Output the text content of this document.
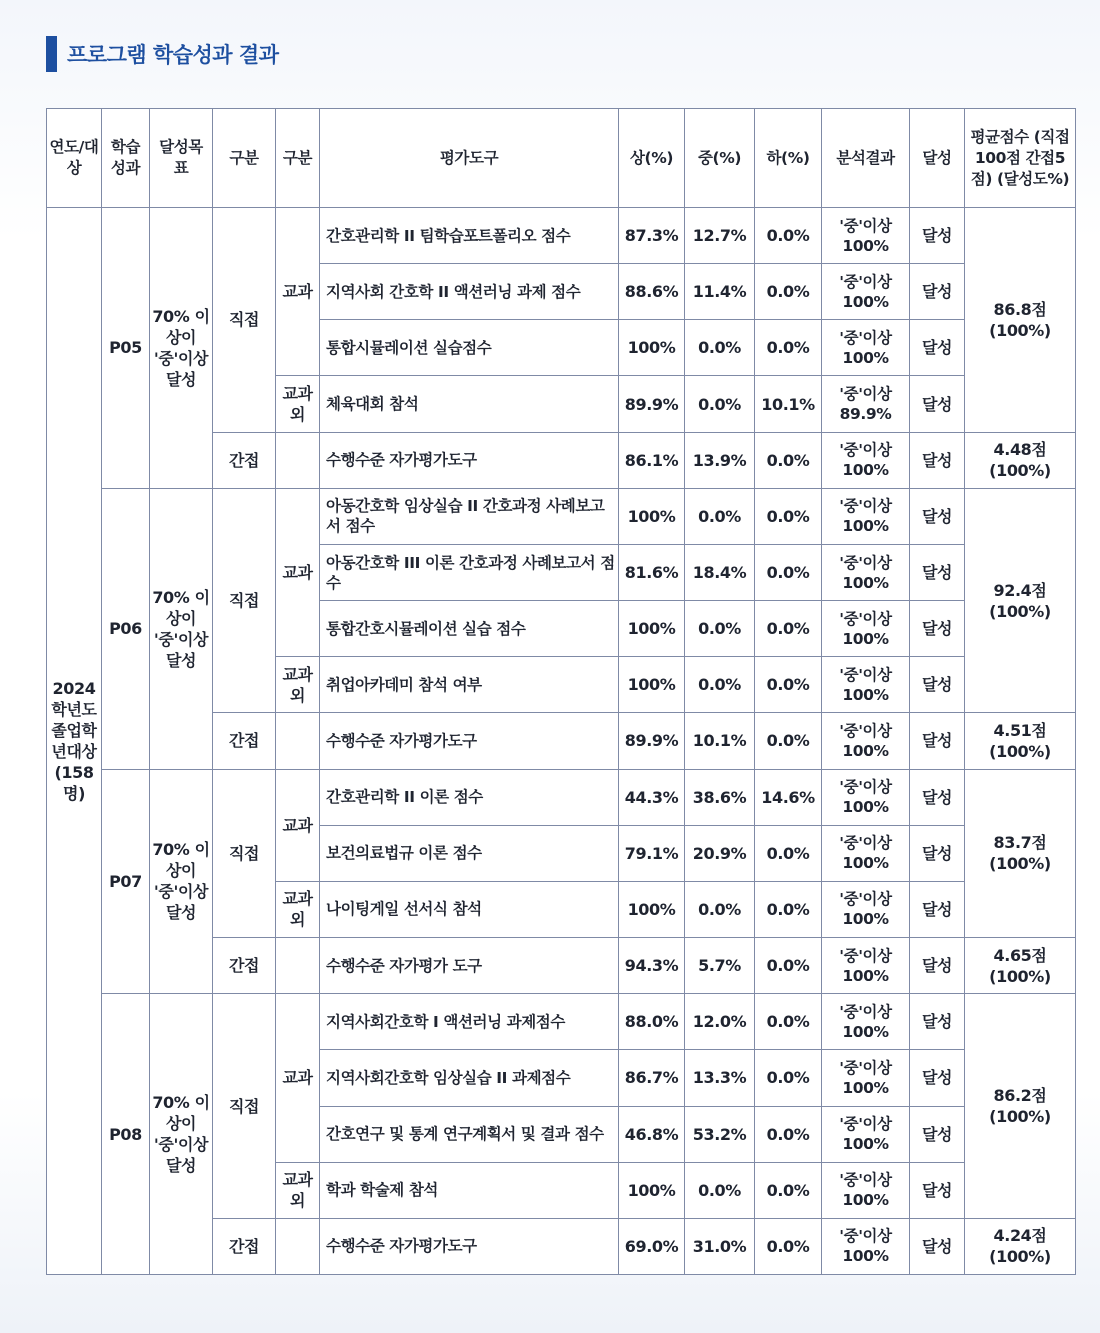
프로그램 학습성과 결과
연도/대상	학습성과	달성목표	구분	구분	평가도구	상(%)	중(%)	하(%)	분석결과	달성	평균점수 (직접 100점 간접5점) (달성도%)
2024 학년도 졸업학 년대상 (158 명)	P05	70% 이상이 '중'이상 달성	직접	교과	간호관리학 II 팀학습포트폴리오 점수	87.3%	12.7%	0.0%	'중'이상 100%	달성	86.8점 (100%)
					지역사회 간호학 II 액션러닝 과제 점수	88.6%	11.4%	0.0%	'중'이상 100%	달성	
					통합시뮬레이션 실습점수	100%	0.0%	0.0%	'중'이상 100%	달성	
				교과외	체육대회 참석	89.9%	0.0%	10.1%	'중'이상 89.9%	달성	
			간접		수행수준 자가평가도구	86.1%	13.9%	0.0%	'중'이상 100%	달성	4.48점 (100%)
	P06	70% 이상이 '중'이상 달성	직접	교과	아동간호학 임상실습 II 간호과정 사례보고서 점수	100%	0.0%	0.0%	'중'이상 100%	달성	92.4점 (100%)
					아동간호학 III 이론 간호과정 사례보고서 점수	81.6%	18.4%	0.0%	'중'이상 100%	달성	
					통합간호시뮬레이션 실습 점수	100%	0.0%	0.0%	'중'이상 100%	달성	
				교과외	취업아카데미 참석 여부	100%	0.0%	0.0%	'중'이상 100%	달성	
			간접		수행수준 자가평가도구	89.9%	10.1%	0.0%	'중'이상 100%	달성	4.51점 (100%)
	P07	70% 이상이 '중'이상 달성	직접	교과	간호관리학 II 이론 점수	44.3%	38.6%	14.6%	'중'이상 100%	달성	83.7점 (100%)
					보건의료법규 이론 점수	79.1%	20.9%	0.0%	'중'이상 100%	달성	
				교과외	나이팅게일 선서식 참석	100%	0.0%	0.0%	'중'이상 100%	달성	
			간접		수행수준 자가평가 도구	94.3%	5.7%	0.0%	'중'이상 100%	달성	4.65점 (100%)
	P08	70% 이상이 '중'이상 달성	직접	교과	지역사회간호학 I 액션러닝 과제점수	88.0%	12.0%	0.0%	'중'이상 100%	달성	86.2점 (100%)
					지역사회간호학 임상실습 II 과제점수	86.7%	13.3%	0.0%	'중'이상 100%	달성	
					간호연구 및 통계 연구계획서 및 결과 점수	46.8%	53.2%	0.0%	'중'이상 100%	달성	
				교과외	학과 학술제 참석	100%	0.0%	0.0%	'중'이상 100%	달성	
			간접		수행수준 자가평가도구	69.0%	31.0%	0.0%	'중'이상 100%	달성	4.24점 (100%)
